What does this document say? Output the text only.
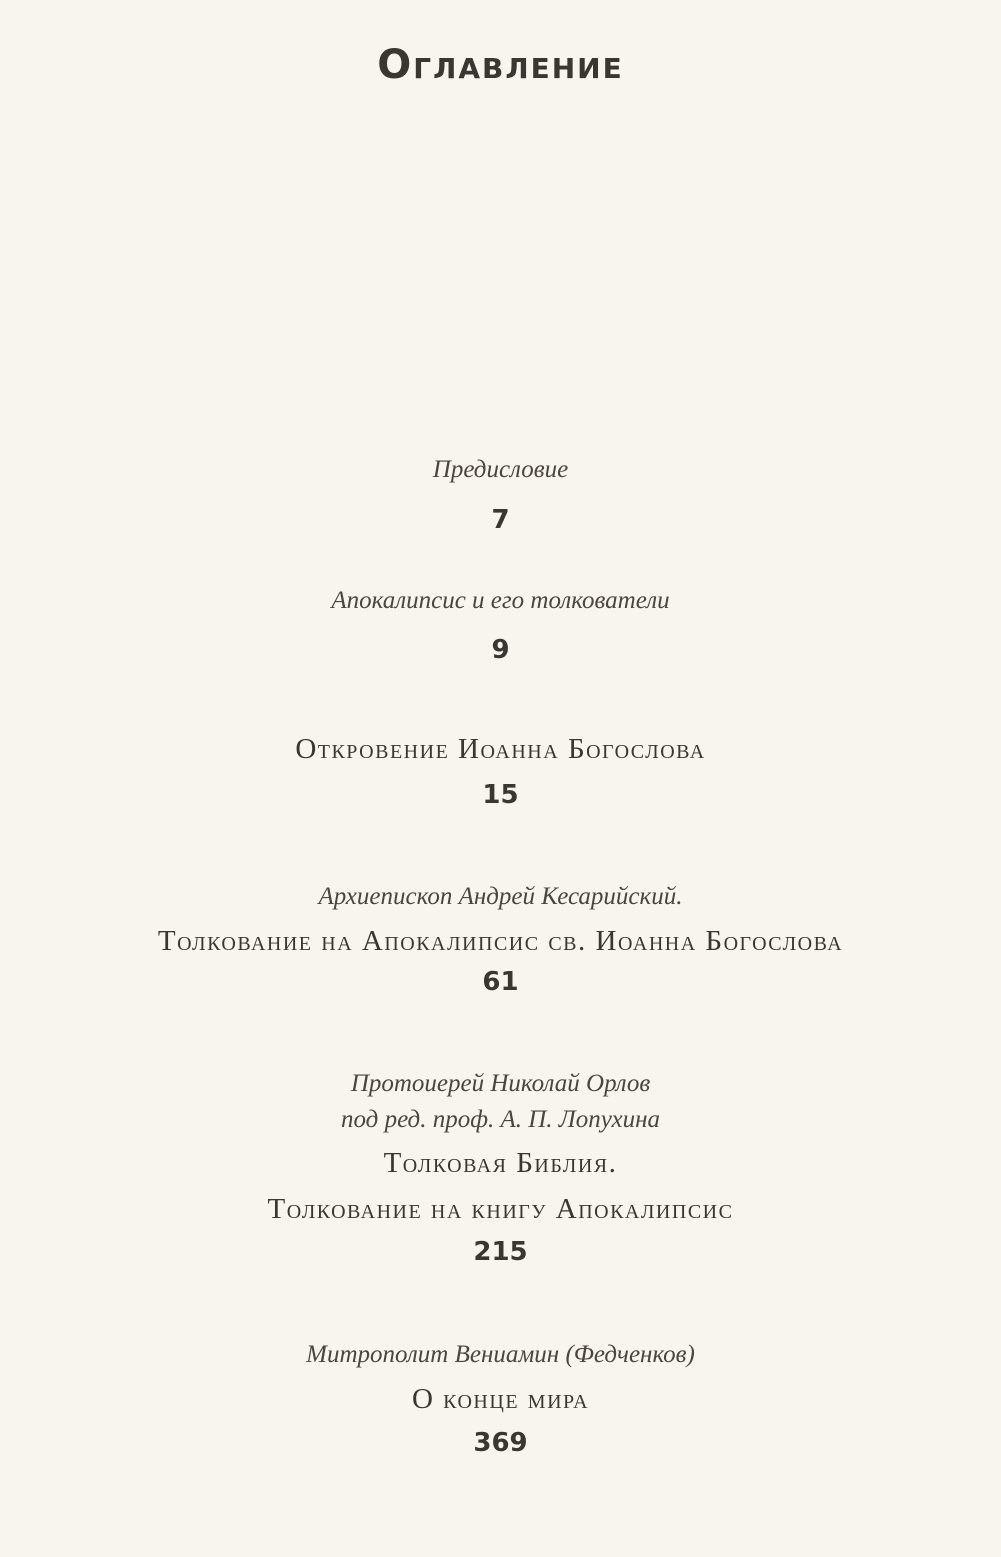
Оглавление
Предисловие
7
Апокалипсис и его толкователи
9
Откровение Иоанна Богослова
15
Архиепископ Андрей Кесарийский.
Толкование на Апокалипсис св. Иоанна Богослова
61
Протоиерей Николай Орлов
под ред. проф. А. П. Лопухина
Толковая Библия.
Толкование на книгу Апокалипсис
215
Митрополит Вениамин (Федченков)
О конце мира
369
